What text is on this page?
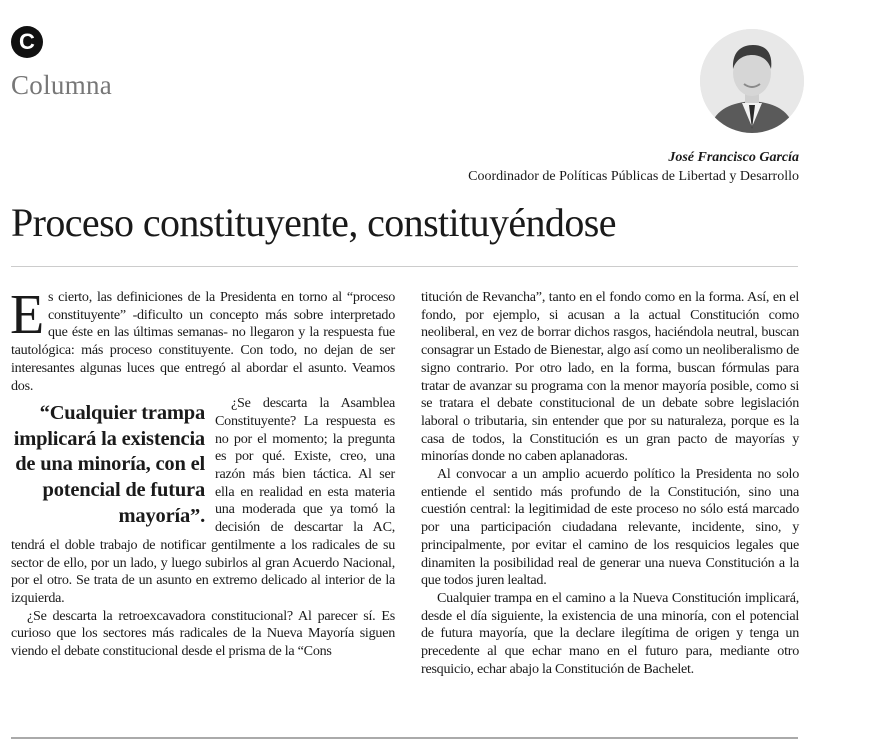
C
Columna
José Francisco García
Coordinador de Políticas Públicas de Libertad y Desarrollo
Proceso constituyente, constituyéndose

Es cierto, las definiciones de la Presidenta en torno al “proceso constituyente” -dificulto un concepto más sobre interpretado que éste en las últimas semanas- no llegaron y la respuesta fue tautológica: más proceso constituyente. Con todo, no dejan de ser interesantes algunas luces que entregó al abordar el asunto. Veamos dos.

“Cualquier trampa implicará la existencia de una minoría, con el potencial de futura mayoría”.
¿Se descarta la Asamblea Constituyente? La respuesta es no por el momento; la pregunta es por qué. Existe, creo, una razón más bien táctica. Al ser ella en realidad en esta materia una moderada que ya tomó la decisión de descartar la AC, tendrá el doble trabajo de notificar gentilmente a los radicales de su sector de ello, por un lado, y luego subirlos al gran Acuerdo Nacional, por el otro. Se trata de un asunto en extremo delicado al interior de la izquierda.

¿Se descarta la retroexcavadora constitucional? Al parecer sí. Es curioso que los sectores más radicales de la Nueva Mayoría siguen viendo el debate constitucional desde el prisma de la “Cons

titución de Revancha”, tanto en el fondo como en la forma. Así, en el fondo, por ejemplo, si acusan a la actual Constitución como neoliberal, en vez de borrar dichos rasgos, haciéndola neutral, buscan consagrar un Estado de Bienestar, algo así como un neoliberalismo de signo contrario. Por otro lado, en la forma, buscan fórmulas para tratar de avanzar su programa con la menor mayoría posible, como si se tratara el debate constitucional de un debate sobre legislación laboral o tributaria, sin entender que por su naturaleza, porque es la casa de todos, la Constitución es un gran pacto de mayorías y minorías donde no caben aplanadoras.

Al convocar a un amplio acuerdo político la Presidenta no solo entiende el sentido más profundo de la Constitución, sino una cuestión central: la legitimidad de este proceso no sólo está marcado por una participación ciudadana relevante, incidente, sino, y principalmente, por evitar el camino de los resquicios legales que dinamiten la posibilidad real de generar una nueva Constitución a la que todos juren lealtad.

Cualquier trampa en el camino a la Nueva Constitución implicará, desde el día siguiente, la existencia de una minoría, con el potencial de futura mayoría, que la declare ilegítima de origen y tenga un precedente al que echar mano en el futuro para, mediante otro resquicio, echar abajo la Constitución de Bachelet.
